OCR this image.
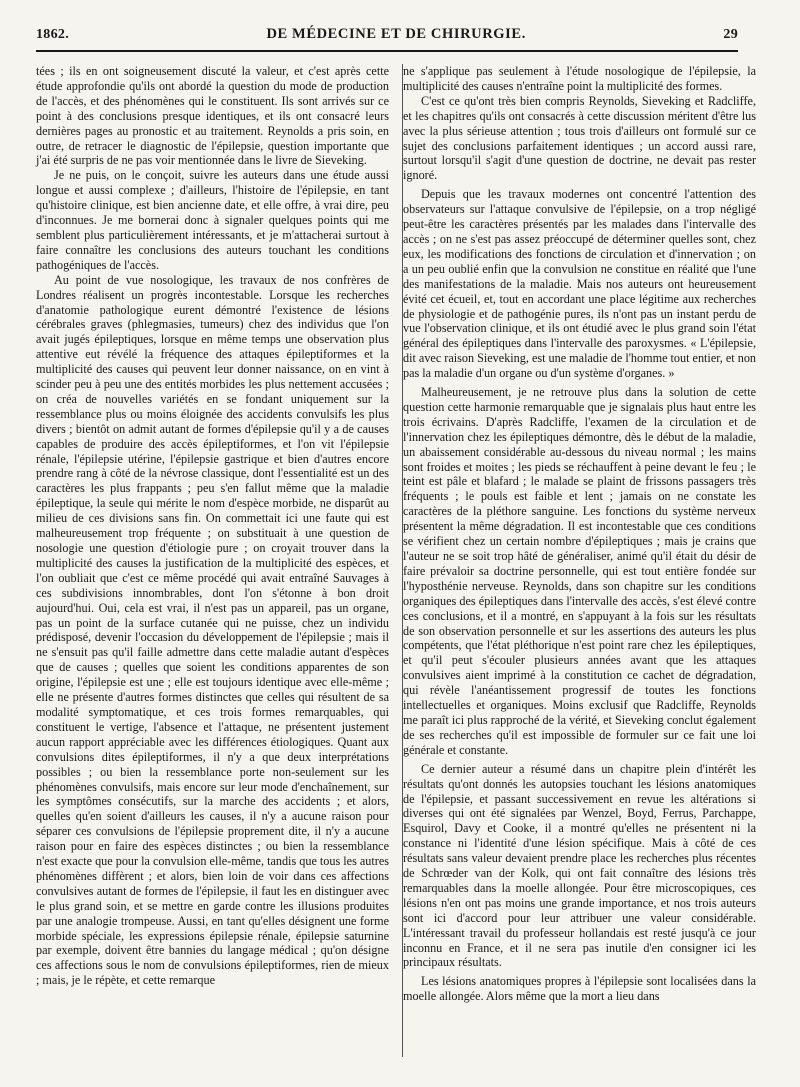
1862.	DE MÉDECINE ET DE CHIRURGIE.	29

tées ; ils en ont soigneusement discuté la valeur, et c'est après cette étude approfondie qu'ils ont abordé la question du mode de production de l'accès, et des phénomènes qui le constituent. Ils sont arrivés sur ce point à des conclusions presque identiques, et ils ont consacré leurs dernières pages au pronostic et au traitement. Reynolds a pris soin, en outre, de retracer le diagnostic de l'épilepsie, question importante que j'ai été surpris de ne pas voir mentionnée dans le livre de Sieveking.

Je ne puis, on le conçoit, suivre les auteurs dans une étude aussi longue et aussi complexe ; d'ailleurs, l'histoire de l'épilepsie, en tant qu'histoire clinique, est bien ancienne date, et elle offre, à vrai dire, peu d'inconnues. Je me bornerai donc à signaler quelques points qui me semblent plus particulièrement intéressants, et je m'attacherai surtout à faire connaître les conclusions des auteurs touchant les conditions pathogéniques de l'accès.

Au point de vue nosologique, les travaux de nos confrères de Londres réalisent un progrès incontestable. Lorsque les recherches d'anatomie pathologique eurent démontré l'existence de lésions cérébrales graves (phlegmasies, tumeurs) chez des individus que l'on avait jugés épileptiques, lorsque en même temps une observation plus attentive eut révélé la fréquence des attaques épileptiformes et la multiplicité des causes qui peuvent leur donner naissance, on en vint à scinder peu à peu une des entités morbides les plus nettement accusées ; on créa de nouvelles variétés en se fondant uniquement sur la ressemblance plus ou moins éloignée des accidents convulsifs les plus divers ; bientôt on admit autant de formes d'épilepsie qu'il y a de causes capables de produire des accès épileptiformes, et l'on vit l'épilepsie rénale, l'épilepsie utérine, l'épilepsie gastrique et bien d'autres encore prendre rang à côté de la névrose classique, dont l'essentialité est un des caractères les plus frappants ; peu s'en fallut même que la maladie épileptique, la seule qui mérite le nom d'espèce morbide, ne disparût au milieu de ces divisions sans fin. On commettait ici une faute qui est malheureusement trop fréquente ; on substituait à une question de nosologie une question d'étiologie pure ; on croyait trouver dans la multiplicité des causes la justification de la multiplicité des espèces, et l'on oubliait que c'est ce même procédé qui avait entraîné Sauvages à ces subdivisions innombrables, dont l'on s'étonne à bon droit aujourd'hui. Oui, cela est vrai, il n'est pas un appareil, pas un organe, pas un point de la surface cutanée qui ne puisse, chez un individu prédisposé, devenir l'occasion du développement de l'épilepsie ; mais il ne s'ensuit pas qu'il faille admettre dans cette maladie autant d'espèces que de causes ; quelles que soient les conditions apparentes de son origine, l'épilepsie est une ; elle est toujours identique avec elle-même ; elle ne présente d'autres formes distinctes que celles qui résultent de sa modalité symptomatique, et ces trois formes remarquables, qui constituent le vertige, l'absence et l'attaque, ne présentent justement aucun rapport appréciable avec les différences étiologiques. Quant aux convulsions dites épileptiformes, il n'y a que deux interprétations possibles ; ou bien la ressemblance porte non-seulement sur les phénomènes convulsifs, mais encore sur leur mode d'enchaînement, sur les symptômes consécutifs, sur la marche des accidents ; et alors, quelles qu'en soient d'ailleurs les causes, il n'y a aucune raison pour séparer ces convulsions de l'épilepsie proprement dite, il n'y a aucune raison pour en faire des espèces distinctes ; ou bien la ressemblance n'est exacte que pour la convulsion elle-même, tandis que tous les autres phénomènes diffèrent ; et alors, bien loin de voir dans ces affections convulsives autant de formes de l'épilepsie, il faut les en distinguer avec le plus grand soin, et se mettre en garde contre les illusions produites par une analogie trompeuse. Aussi, en tant qu'elles désignent une forme morbide spéciale, les expressions épilepsie rénale, épilepsie saturnine par exemple, doivent être bannies du langage médical ; qu'on désigne ces affections sous le nom de convulsions épileptiformes, rien de mieux ; mais, je le répète, et cette remarque

ne s'applique pas seulement à l'étude nosologique de l'épilepsie, la multiplicité des causes n'entraîne point la multiplicité des formes.

C'est ce qu'ont très bien compris Reynolds, Sieveking et Radcliffe, et les chapitres qu'ils ont consacrés à cette discussion méritent d'être lus avec la plus sérieuse attention ; tous trois d'ailleurs ont formulé sur ce sujet des conclusions parfaitement identiques ; un accord aussi rare, surtout lorsqu'il s'agit d'une question de doctrine, ne devait pas rester ignoré.

Depuis que les travaux modernes ont concentré l'attention des observateurs sur l'attaque convulsive de l'épilepsie, on a trop négligé peut-être les caractères présentés par les malades dans l'intervalle des accès ; on ne s'est pas assez préoccupé de déterminer quelles sont, chez eux, les modifications des fonctions de circulation et d'innervation ; on a un peu oublié enfin que la convulsion ne constitue en réalité que l'une des manifestations de la maladie. Mais nos auteurs ont heureusement évité cet écueil, et, tout en accordant une place légitime aux recherches de physiologie et de pathogénie pures, ils n'ont pas un instant perdu de vue l'observation clinique, et ils ont étudié avec le plus grand soin l'état général des épileptiques dans l'intervalle des paroxysmes. « L'épilepsie, dit avec raison Sieveking, est une maladie de l'homme tout entier, et non pas la maladie d'un organe ou d'un système d'organes. »

Malheureusement, je ne retrouve plus dans la solution de cette question cette harmonie remarquable que je signalais plus haut entre les trois écrivains. D'après Radcliffe, l'examen de la circulation et de l'innervation chez les épileptiques démontre, dès le début de la maladie, un abaissement considérable au-dessous du niveau normal ; les mains sont froides et moites ; les pieds se réchauffent à peine devant le feu ; le teint est pâle et blafard ; le malade se plaint de frissons passagers très fréquents ; le pouls est faible et lent ; jamais on ne constate les caractères de la pléthore sanguine. Les fonctions du système nerveux présentent la même dégradation. Il est incontestable que ces conditions se vérifient chez un certain nombre d'épileptiques ; mais je crains que l'auteur ne se soit trop hâté de généraliser, animé qu'il était du désir de faire prévaloir sa doctrine personnelle, qui est tout entière fondée sur l'hyposthénie nerveuse. Reynolds, dans son chapitre sur les conditions organiques des épileptiques dans l'intervalle des accès, s'est élevé contre ces conclusions, et il a montré, en s'appuyant à la fois sur les résultats de son observation personnelle et sur les assertions des auteurs les plus compétents, que l'état pléthorique n'est point rare chez les épileptiques, et qu'il peut s'écouler plusieurs années avant que les attaques convulsives aient imprimé à la constitution ce cachet de dégradation, qui révèle l'anéantissement progressif de toutes les fonctions intellectuelles et organiques. Moins exclusif que Radcliffe, Reynolds me paraît ici plus rapproché de la vérité, et Sieveking conclut également de ses recherches qu'il est impossible de formuler sur ce fait une loi générale et constante.

Ce dernier auteur a résumé dans un chapitre plein d'intérêt les résultats qu'ont donnés les autopsies touchant les lésions anatomiques de l'épilepsie, et passant successivement en revue les altérations si diverses qui ont été signalées par Wenzel, Boyd, Ferrus, Parchappe, Esquirol, Davy et Cooke, il a montré qu'elles ne présentent ni la constance ni l'identité d'une lésion spécifique. Mais à côté de ces résultats sans valeur devaient prendre place les recherches plus récentes de Schrœder van der Kolk, qui ont fait connaître des lésions très remarquables dans la moelle allongée. Pour être microscopiques, ces lésions n'en ont pas moins une grande importance, et nos trois auteurs sont ici d'accord pour leur attribuer une valeur considérable. L'intéressant travail du professeur hollandais est resté jusqu'à ce jour inconnu en France, et il ne sera pas inutile d'en consigner ici les principaux résultats.

Les lésions anatomiques propres à l'épilepsie sont localisées dans la moelle allongée. Alors même que la mort a lieu dans
